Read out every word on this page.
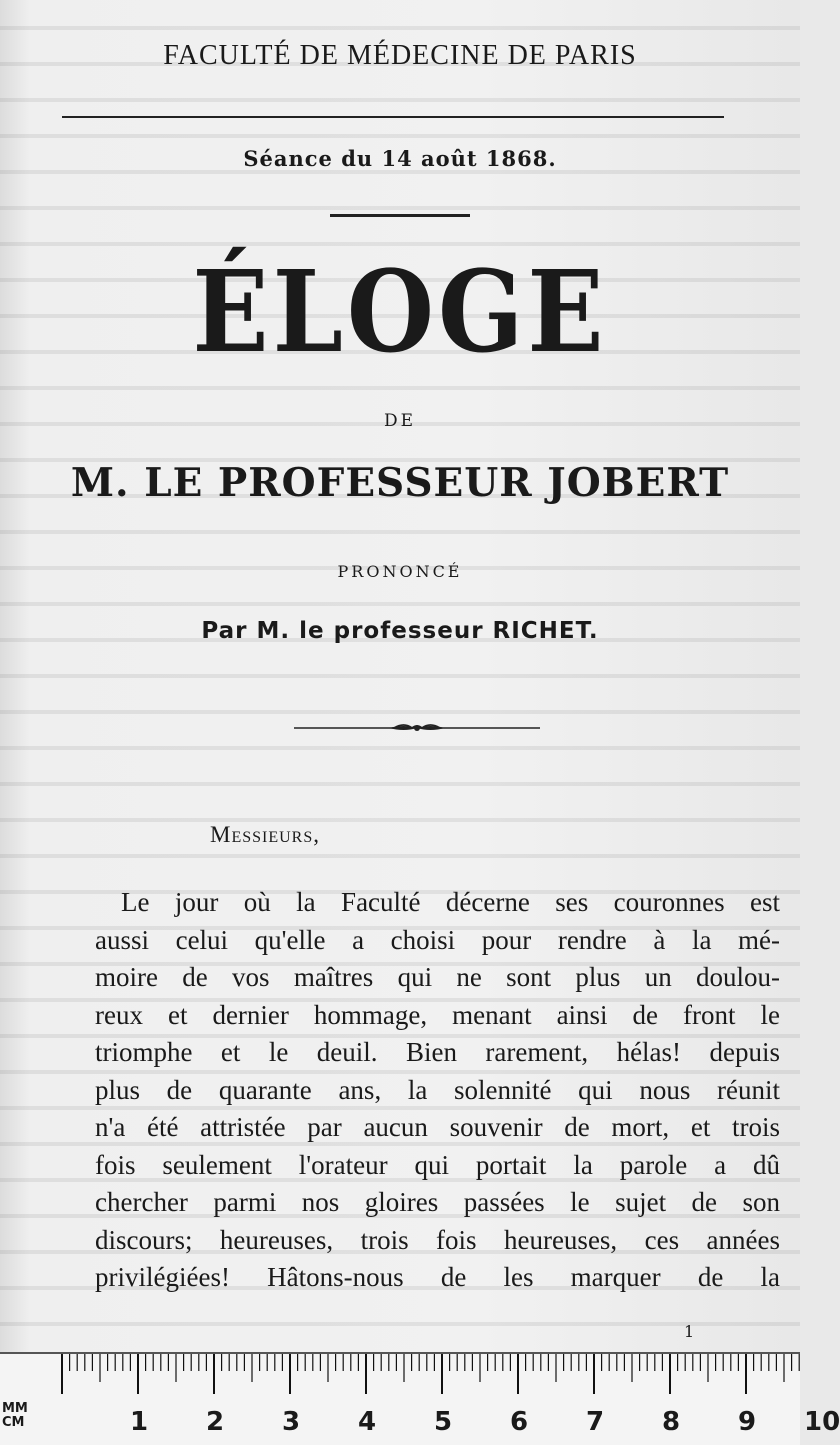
FACULTÉ DE MÉDECINE DE PARIS
Séance du 14 août 1868.
ÉLOGE
DE
M. LE PROFESSEUR JOBERT
PRONONCÉ
Par M. le professeur RICHET.
Messieurs,
Le jour où la Faculté décerne ses couronnes est
aussi celui qu'elle a choisi pour rendre à la mé-
moire de vos maîtres qui ne sont plus un doulou-
reux et dernier hommage, menant ainsi de front le
triomphe et le deuil. Bien rarement, hélas! depuis
plus de quarante ans, la solennité qui nous réunit
n'a été attristée par aucun souvenir de mort, et trois
fois seulement l'orateur qui portait la parole a dû
chercher parmi nos gloires passées le sujet de son
discours; heureuses, trois fois heureuses, ces années
privilégiées! Hâtons-nous de les marquer de la
1
MM
CM	1 2 3 4 5 6 7 8 9 10
